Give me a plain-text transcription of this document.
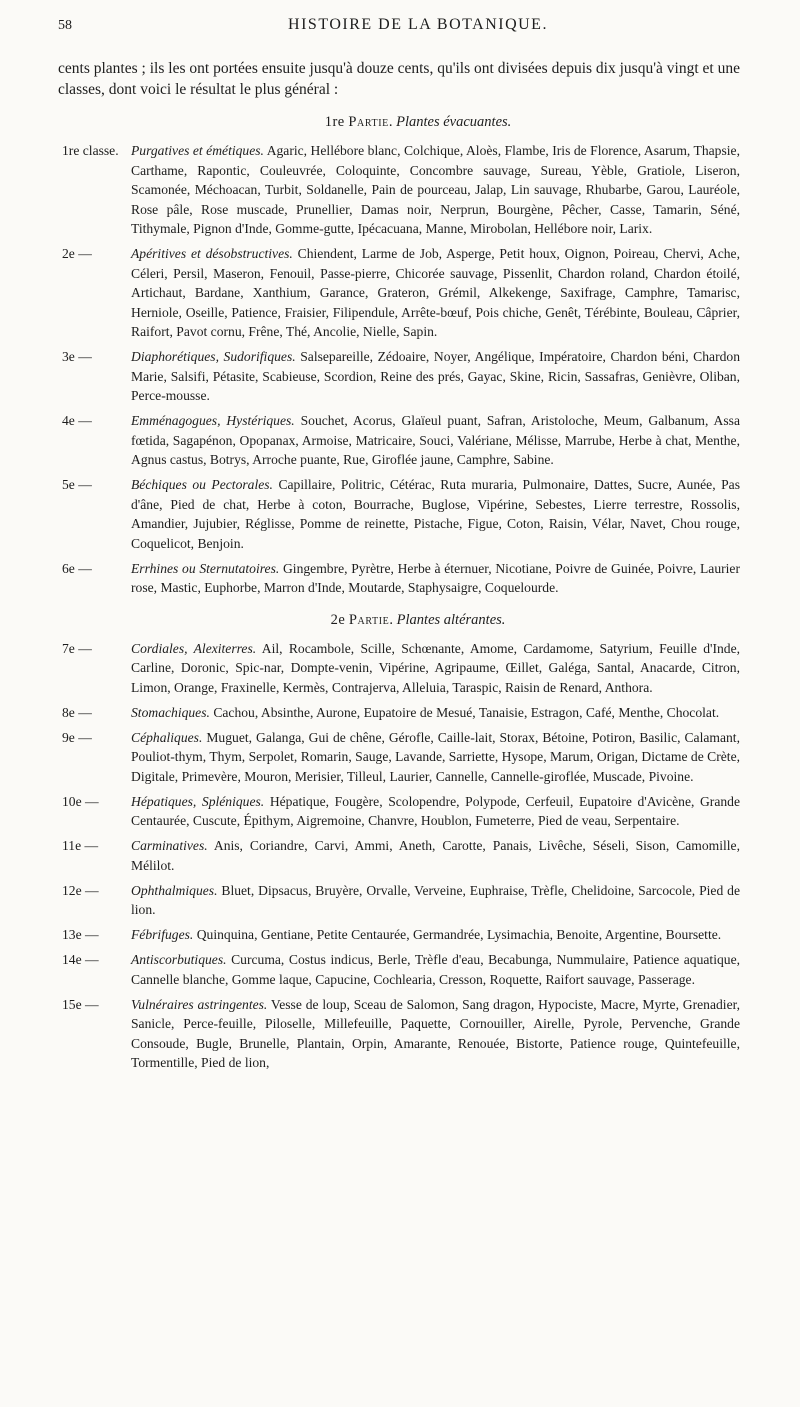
58	HISTOIRE DE LA BOTANIQUE.

cents plantes ; ils les ont portées ensuite jusqu'à douze cents, qu'ils ont divisées depuis dix jusqu'à vingt et une classes, dont voici le résultat le plus général :

1re Partie. Plantes évacuantes.
1re classe. Purgatives et émétiques. Agaric, Hellébore blanc, Colchique, Aloès, Flambe, Iris de Florence, Asarum, Thapsie, Carthame, Rapontic, Couleuvrée, Coloquinte, Concombre sauvage, Sureau, Yèble, Gratiole, Liseron, Scamonée, Méchoacan, Turbit, Soldanelle, Pain de pourceau, Jalap, Lin sauvage, Rhubarbe, Garou, Lauréole, Rose pâle, Rose muscade, Prunellier, Damas noir, Nerprun, Bourgène, Pêcher, Casse, Tamarin, Séné, Tithymale, Pignon d'Inde, Gomme-gutte, Ipécacuana, Manne, Mirobolan, Hellébore noir, Larix.
2e —	Apéritives et désobstructives. Chiendent, Larme de Job, Asperge, Petit houx, Oignon, Poireau, Chervi, Ache, Céleri, Persil, Maseron, Fenouil, Passe-pierre, Chicorée sauvage, Pissenlit, Chardon roland, Chardon étoilé, Artichaut, Bardane, Xanthium, Garance, Grateron, Grémil, Alkekenge, Saxifrage, Camphre, Tamarisc, Herniole, Oseille, Patience, Fraisier, Filipendule, Arrête-bœuf, Pois chiche, Genêt, Térébinte, Bouleau, Câprier, Raifort, Pavot cornu, Frêne, Thé, Ancolie, Nielle, Sapin.
3e —	Diaphorétiques, Sudorifiques. Salsepareille, Zédoaire, Noyer, Angélique, Impératoire, Chardon béni, Chardon Marie, Salsifi, Pétasite, Scabieuse, Scordion, Reine des prés, Gayac, Skine, Ricin, Sassafras, Genièvre, Oliban, Perce-mousse.
4e —	Emménagogues, Hystériques. Souchet, Acorus, Glaïeul puant, Safran, Aristoloche, Meum, Galbanum, Assa fœtida, Sagapénon, Opopanax, Armoise, Matricaire, Souci, Valériane, Mélisse, Marrube, Herbe à chat, Menthe, Agnus castus, Botrys, Arroche puante, Rue, Giroflée jaune, Camphre, Sabine.
5e —	Béchiques ou Pectorales. Capillaire, Politric, Cétérac, Ruta muraria, Pulmonaire, Dattes, Sucre, Aunée, Pas d'âne, Pied de chat, Herbe à coton, Bourrache, Buglose, Vipérine, Sebestes, Lierre terrestre, Rossolis, Amandier, Jujubier, Réglisse, Pomme de reinette, Pistache, Figue, Coton, Raisin, Vélar, Navet, Chou rouge, Coquelicot, Benjoin.
6e —	Errhines ou Sternutatoires. Gingembre, Pyrètre, Herbe à éternuer, Nicotiane, Poivre de Guinée, Poivre, Laurier rose, Mastic, Euphorbe, Marron d'Inde, Moutarde, Staphysaigre, Coquelourde.
2e Partie. Plantes altérantes.
7e —	Cordiales, Alexiterres. Ail, Rocambole, Scille, Schœnante, Amome, Cardamome, Satyrium, Feuille d'Inde, Carline, Doronic, Spic-nar, Dompte-venin, Vipérine, Agripaume, Œillet, Galéga, Santal, Anacarde, Citron, Limon, Orange, Fraxinelle, Kermès, Contrajerva, Alleluia, Taraspic, Raisin de Renard, Anthora.
8e —	Stomachiques. Cachou, Absinthe, Aurone, Eupatoire de Mesué, Tanaisie, Estragon, Café, Menthe, Chocolat.
9e —	Céphaliques. Muguet, Galanga, Gui de chêne, Gérofle, Caille-lait, Storax, Bétoine, Potiron, Basilic, Calamant, Pouliot-thym, Thym, Serpolet, Romarin, Sauge, Lavande, Sarriette, Hysope, Marum, Origan, Dictame de Crète, Digitale, Primevère, Mouron, Merisier, Tilleul, Laurier, Cannelle, Cannelle-giroflée, Muscade, Pivoine.
10e — Hépatiques, Spléniques. Hépatique, Fougère, Scolopendre, Polypode, Cerfeuil, Eupatoire d'Avicène, Grande Centaurée, Cuscute, Épithym, Aigremoine, Chanvre, Houblon, Fumeterre, Pied de veau, Serpentaire.
11e — Carminatives. Anis, Coriandre, Carvi, Ammi, Aneth, Carotte, Panais, Livêche, Séseli, Sison, Camomille, Mélilot.
12e — Ophthalmiques. Bluet, Dipsacus, Bruyère, Orvalle, Verveine, Euphraise, Trèfle, Chelidoine, Sarcocole, Pied de lion.
13e — Fébrifuges. Quinquina, Gentiane, Petite Centaurée, Germandrée, Lysimachia, Benoite, Argentine, Boursette.
14e — Antiscorbutiques. Curcuma, Costus indicus, Berle, Trèfle d'eau, Becabunga, Nummulaire, Patience aquatique, Cannelle blanche, Gomme laque, Capucine, Cochlearia, Cresson, Roquette, Raifort sauvage, Passerage.
15e — Vulnéraires astringentes. Vesse de loup, Sceau de Salomon, Sang dragon, Hypociste, Macre, Myrte, Grenadier, Sanicle, Perce-feuille, Piloselle, Millefeuille, Paquette, Cornouiller, Airelle, Pyrole, Pervenche, Grande Consoude, Bugle, Brunelle, Plantain, Orpin, Amarante, Renouée, Bistorte, Patience rouge, Quintefeuille, Tormentille, Pied de lion,
